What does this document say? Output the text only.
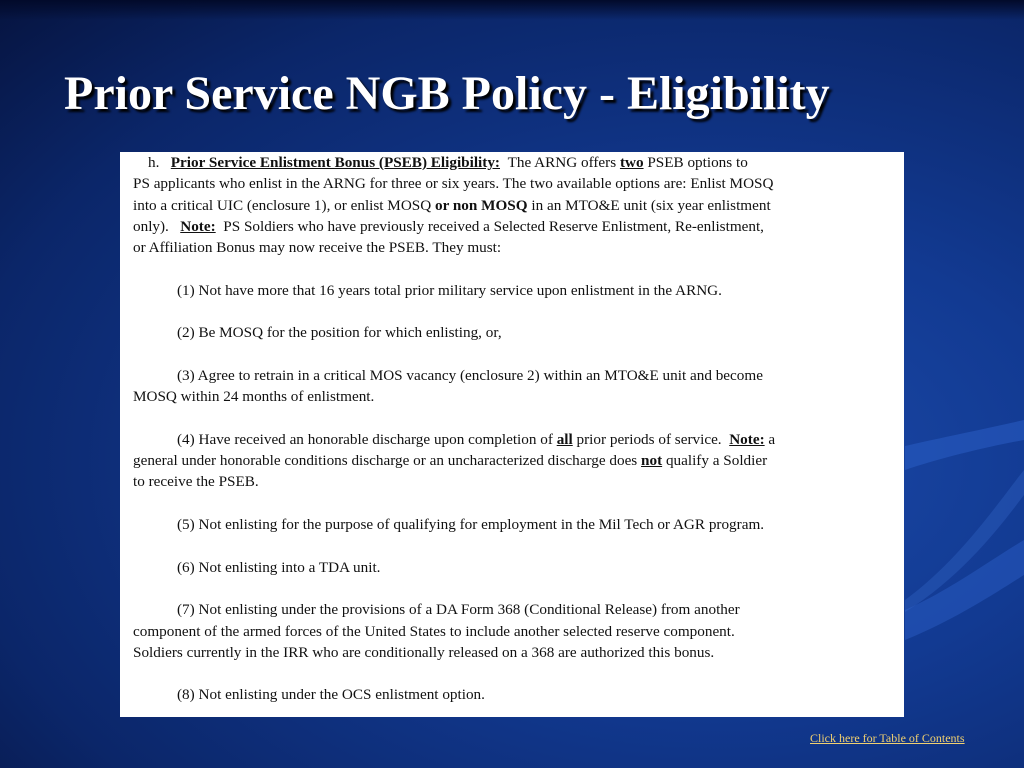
Prior Service NGB Policy - Eligibility

h. Prior Service Enlistment Bonus (PSEB) Eligibility: The ARNG offers two PSEB options to

PS applicants who enlist in the ARNG for three or six years. The two available options are: Enlist MOSQ

into a critical UIC (enclosure 1), or enlist MOSQ or non MOSQ in an MTO&E unit (six year enlistment

only). Note: PS Soldiers who have previously received a Selected Reserve Enlistment, Re-enlistment,

or Affiliation Bonus may now receive the PSEB. They must:

(1) Not have more that 16 years total prior military service upon enlistment in the ARNG.

(2) Be MOSQ for the position for which enlisting, or,

(3) Agree to retrain in a critical MOS vacancy (enclosure 2) within an MTO&E unit and become

MOSQ within 24 months of enlistment.

(4) Have received an honorable discharge upon completion of all prior periods of service. Note: a

general under honorable conditions discharge or an uncharacterized discharge does not qualify a Soldier

to receive the PSEB.

(5) Not enlisting for the purpose of qualifying for employment in the Mil Tech or AGR program.

(6) Not enlisting into a TDA unit.

(7) Not enlisting under the provisions of a DA Form 368 (Conditional Release) from another

component of the armed forces of the United States to include another selected reserve component.

Soldiers currently in the IRR who are conditionally released on a 368 are authorized this bonus.

(8) Not enlisting under the OCS enlistment option.

Click here for Table of Contents
